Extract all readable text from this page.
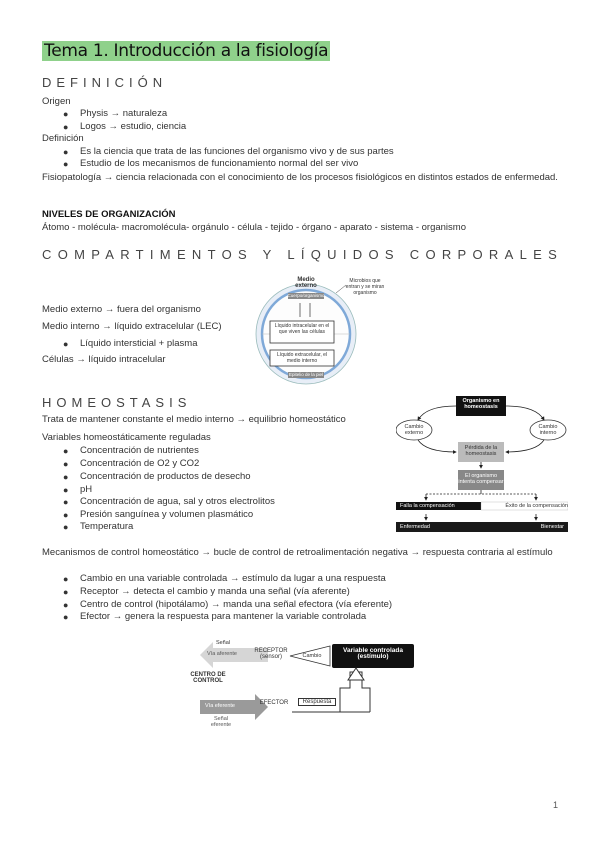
Tema 1. Introducción a la fisiología
DEFINICIÓN
Origen
● Physis → naturaleza
● Logos → estudio, ciencia
Definición
● Es la ciencia que trata de las funciones del organismo vivo y de sus partes
● Estudio de los mecanismos de funcionamiento normal del ser vivo
Fisiopatología → ciencia relacionada con el conocimiento de los procesos fisiológicos en distintos estados de enfermedad.
NIVELES DE ORGANIZACIÓN
Átomo - molécula- macromolécula- orgánulo - célula - tejido - órgano - aparato - sistema - organismo
COMPARTIMENTOS Y LÍQUIDOS CORPORALES
Medio externo → fuera del organismo
Medio interno → líquido extracelular (LEC)
● Líquido intersticial + plasma
Células → líquido intracelular
Medio externo
Microbios que entran y se miran organismo
Cuerpo/organismo
Líquido intracelular en el que viven las células
Líquido extracelular, el medio interno
Epitelio de la piel
HOMEOSTASIS
Trata de mantener constante el medio interno → equilibrio homeostático
Variables homeostáticamente reguladas
● Concentración de nutrientes
● Concentración de O2 y CO2
● Concentración de productos de desecho
● pH
● Concentración de agua, sal y otros electrolitos
● Presión sanguínea y volumen plasmático
● Temperatura
Organismo en homeostasis
Cambio externo
Cambio interno
Pérdida de la homeostasis
El organismo intenta compensar
Falla la compensación	Éxito de la compensación
Enfermedad	Bienestar
Mecanismos de control homeostático → bucle de control de retroalimentación negativa → respuesta contraria al estímulo
● Cambio en una variable controlada → estímulo da lugar a una respuesta
● Receptor → detecta el cambio y manda una señal (vía aferente)
● Centro de control (hipotálamo) → manda una señal efectora (vía eferente)
● Efector → genera la respuesta para mantener la variable controlada
Señal
Vía aferente	RECEPTOR (sensor)	Cambio
Variable controlada (estímulo)
CENTRO DE CONTROL
Vía eferente
Señal eferente
EFECTOR	Respuesta
1
